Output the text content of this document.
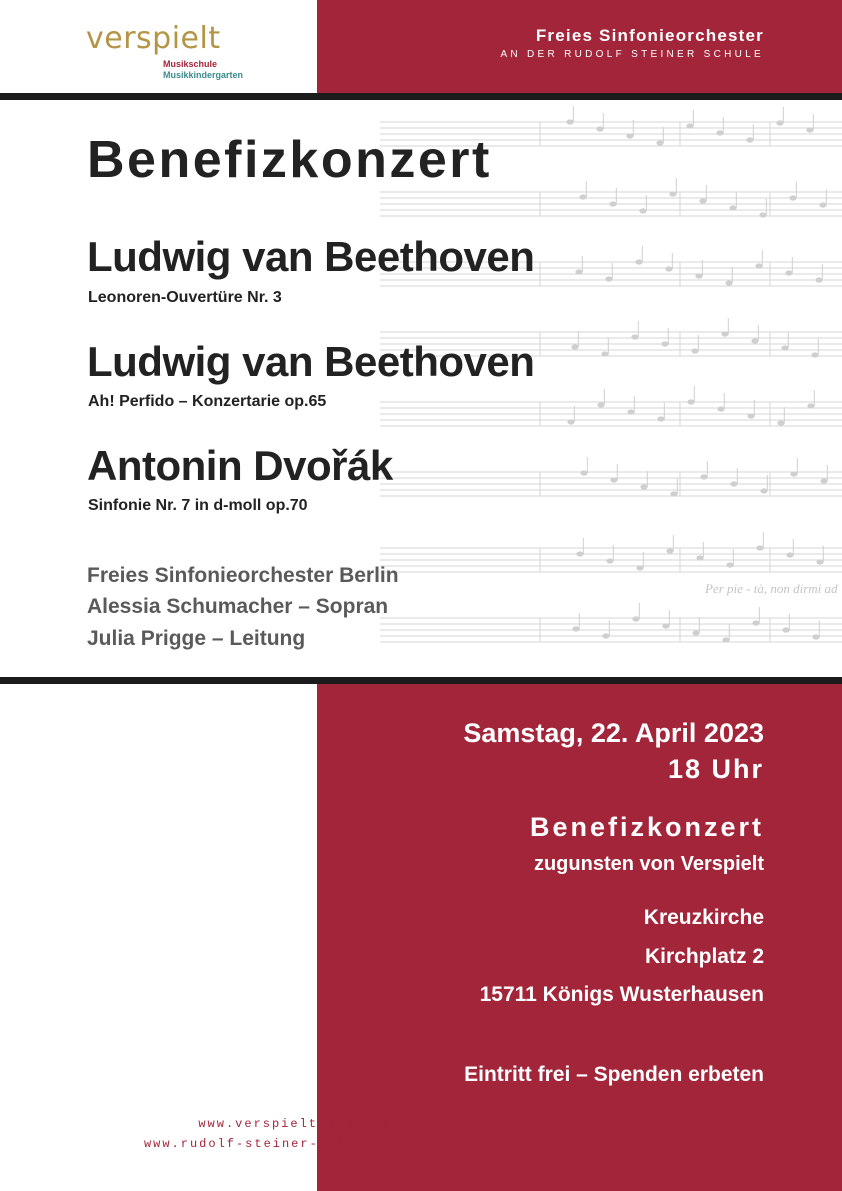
verspielt
Musikschule
Musikkindergarten
Freies Sinfonieorchester
AN DER RUDOLF STEINER SCHULE
Per pie - tà, non dirmi ad
Benefizkonzert
Ludwig van Beethoven
Leonoren-Ouvertüre Nr. 3
Ludwig van Beethoven
Ah! Perfido – Konzertarie op.65
Antonin Dvořák
Sinfonie Nr. 7 in d-moll op.70
Freies Sinfonieorchester Berlin
Alessia Schumacher – Sopran
Julia Prigge – Leitung
Samstag, 22. April 2023
18 Uhr
Benefizkonzert
zugunsten von Verspielt
Kreuzkirche
Kirchplatz 2
15711 Königs Wusterhausen
Eintritt frei – Spenden erbeten
www.verspielt-musik.org
www.rudolf-steiner-schule-berlin.de
